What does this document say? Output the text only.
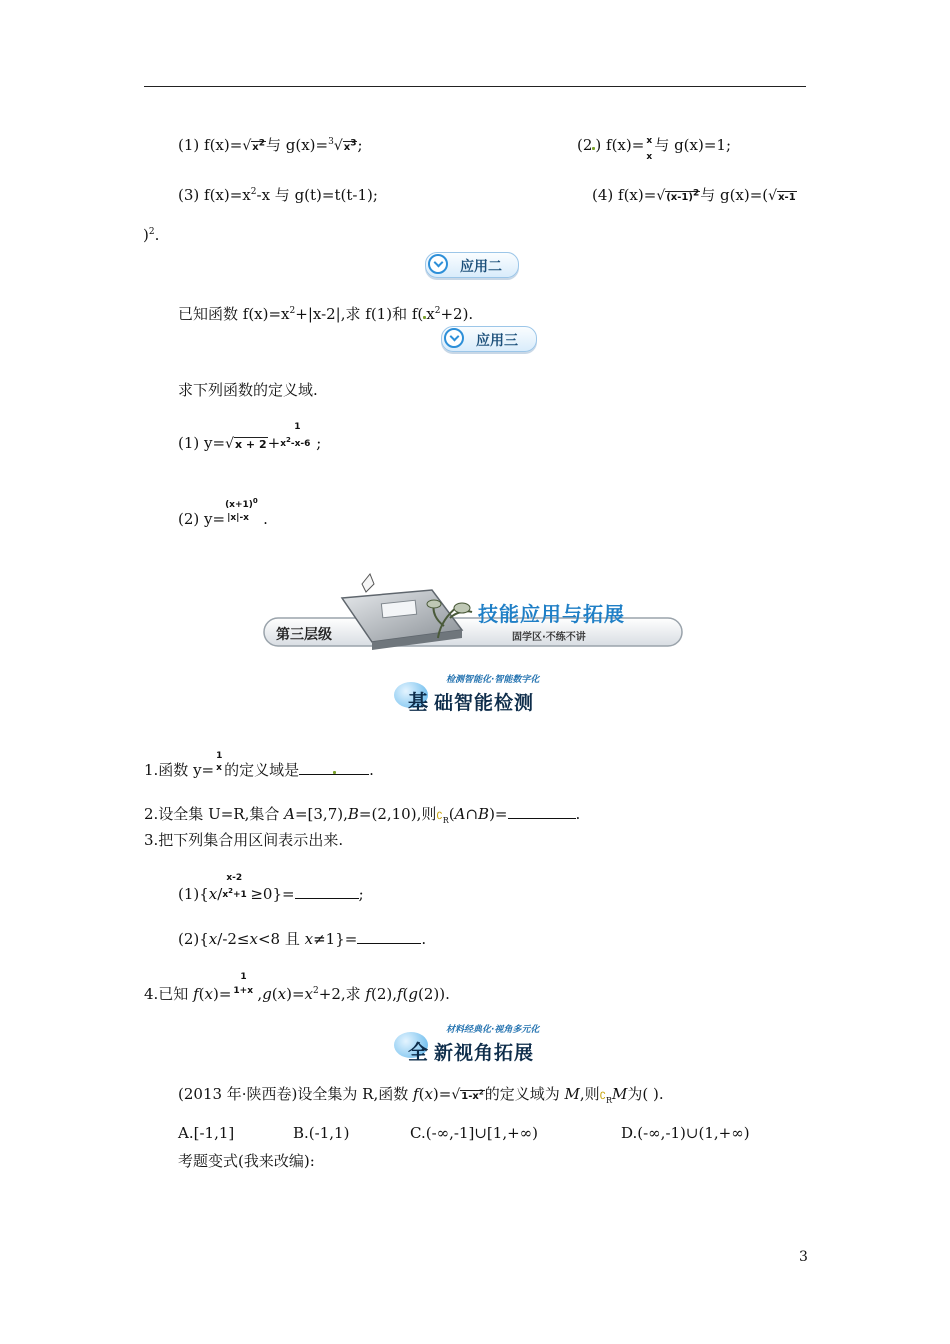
(1) f(x)=√x2与 g(x)=$^3$√x3;	(2 ) f(x)= x
x
与 g(x)=1;
(3) $f(x)=x^2-x$ 与 g(t)=t(t-1);	(4) f(x)=√(x-1)2与 g(x)=(√x-1
)$^2$.
应用二
已知函数 $f(x)=x^2+|x-2|$,求 f(1)和 f( $x^2+2$).
应用三
求下列函数的定义域.
(1) y=√x + 2+
1
$x^2-x-6$ ;
(2) y=
$(x+1)^0$
|x|-x .
第三层级
技能应用与拓展
固学区·不练不讲
检测智能化·智能数字化
基 础智能检测
1.函数 y=
1
x 的定义域是	.
2.设全集 U=R,集合 A=[3,7),B=(2,10),则$∁_R(A\cap B)=$	.
3.把下列集合用区间表示出来.
(1){x/
x-2
$x^2+1 \ge 0\}=$	;
(2){x/-2≤x<8 且 x≠1}=	.
4.已知 f(x)=
1
1+x $,g(x)=x^2+2$,求 f(2),f(g(2)).
材料经典化·视角多元化
全 新视角拓展
(2013 年·陕西卷)设全集为 R,函数 $f(x)=√1-x^2$的定义域为 M,则$∁_RM$为( ).
A.[-1,1]	B.(-1,1)	C.(-∞,-1]∪[1,+∞)	D.(-∞,-1)∪(1,+∞)
考题变式(我来改编):
3
